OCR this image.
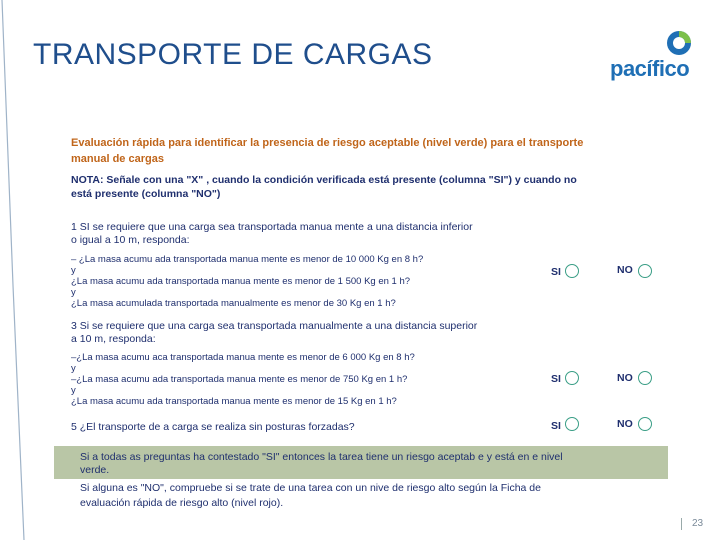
TRANSPORTE DE CARGAS	pacífico
Evaluación rápida para identificar la presencia de riesgo aceptable (nivel verde) para el transporte
manual de cargas
NOTA: Señale con una "X" , cuando la condición verificada está presente (columna "SI") y cuando no
está presente (columna "NO")
1 SI se requiere que una carga sea transportada manua mente a una distancia inferior
o igual a 10 m, responda:
– ¿La masa acumu ada transportada manua mente es menor de 10 000 Kg en 8 h?
y
¿La masa acumu ada transportada manua mente es menor de 1 500 Kg en 1 h?
y
¿La masa acumulada transportada manualmente es menor de 30 Kg en 1 h?
SI	NO
3 Si se requiere que una carga sea transportada manualmente a una distancia superior
a 10 m, responda:
–¿La masa acumu aca transportada manua mente es menor de 6 000 Kg en 8 h?
y
–¿La masa acumu ada transportada manua mente es menor de 750 Kg en 1 h?
y
¿La masa acumu ada transportada manua mente es menor de 15 Kg en 1 h?
SI	NO
5 ¿El transporte de a carga se realiza sin posturas forzadas?	SI	NO
Si a todas as preguntas ha contestado "SI" entonces la tarea tiene un riesgo aceptab e y está en e nivel
verde.
Si alguna es "NO", compruebe si se trate de una tarea con un nive de riesgo alto según la Ficha de
evaluación rápida de riesgo alto (nivel rojo).
23
